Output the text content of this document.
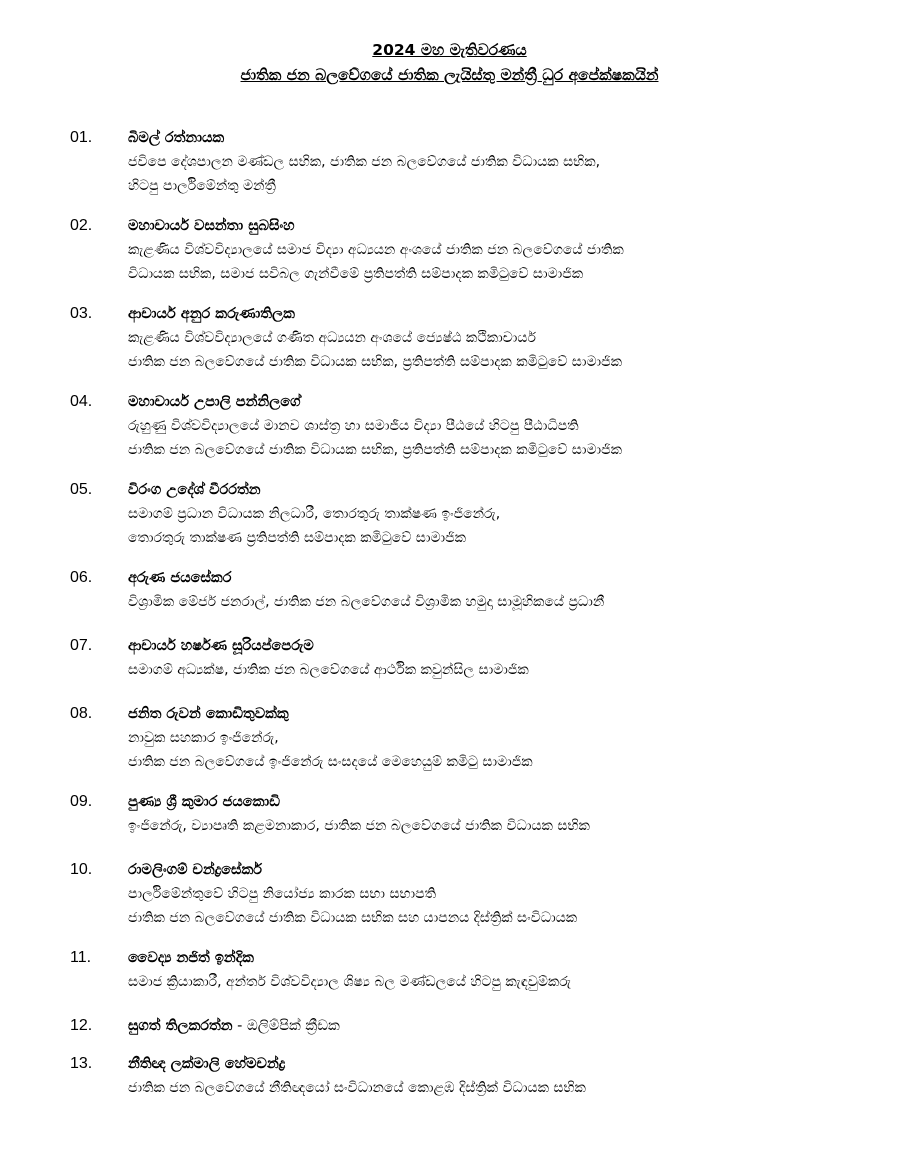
2024 මහ මැතිවරණය
ජාතික ජන බලවේගයේ ජාතික ලැයිස්තු මන්ත්‍රී ධුර අපේක්ෂකයින්
01. බිමල් රත්නායක
ජවිපෙ දේශපාලන මණ්ඩල සභික, ජාතික ජන බලවේගයේ ජාතික විධායක සභික,
හිටපු පාර්ලිමේන්තු මන්ත්‍රී
02. මහාචාර්ය වසන්තා සුබසිංහ
කැළණිය විශ්වවිද්‍යාලයේ සමාජ විද්‍යා අධ්‍යයන අංශයේ ජාතික ජන බලවේගයේ ජාතික
විධායක සභික, සමාජ සවිබල ගැන්වීමේ ප්‍රතිපත්ති සම්පාදක කමිටුවේ සාමාජික
03. ආචාර්ය අනුර කරුණාතිලක
කැළණිය විශ්වවිද්‍යාලයේ ගණිත අධ්‍යයන අංශයේ ජ්‍යෙෂ්ඨ කථිකාචාර්ය
ජාතික ජන බලවේගයේ ජාතික විධායක සභික, ප්‍රතිපත්ති සම්පාදක කමිටුවේ සාමාජික
04. මහාචාර්ය උපාලි පන්නිලගේ
රුහුණු විශ්වවිද්‍යාලයේ මානව ශාස්ත්‍ර හා සමාජීය විද්‍යා පීඨයේ හිටපු පීඨාධිපති
ජාතික ජන බලවේගයේ ජාතික විධායක සභික, ප්‍රතිපත්ති සම්පාදක කමිටුවේ සාමාජික
05. විරංග උදේශ් වීරරත්න
සමාගම් ප්‍රධාන විධායක නිලධාරී, තොරතුරු තාක්ෂණ ඉංජිනේරු,
තොරතුරු තාක්ෂණ ප්‍රතිපත්ති සම්පාදක කමිටුවේ සාමාජික
06. අරුණ ජයසේකර
විශ්‍රාමික මේජර් ජනරාල්, ජාතික ජන බලවේගයේ විශ්‍රාමික හමුදා සාමූහිකයේ ප්‍රධානී
07. ආචාර්ය හර්ෂණ සූරියප්පෙරුම
සමාගම් අධ්‍යක්ෂ, ජාතික ජන බලවේගයේ ආර්ථික කවුන්සිල සාමාජික
08. ජනිත රුවන් කොඩිතුවක්කු
නාවුක සහකාර ඉංජිනේරු,
ජාතික ජන බලවේගයේ ඉංජිනේරු සංසදයේ මෙහෙයුම් කමිටු සාමාජික
09. පුණ්‍ය ශ්‍රී කුමාර ජයකොඩි
ඉංජිනේරු, ව්‍යාපෘති කළමනාකාර, ජාතික ජන බලවේගයේ ජාතික විධායක සභික
10. රාමලිංගම් චන්ද්‍රසේකර්
පාර්ලිමේන්තුවේ හිටපු නියෝජ්‍ය කාරක සභා සභාපති
ජාතික ජන බලවේගයේ ජාතික විධායක සභික සහ යාපනය දිස්ත්‍රික් සංවිධායක
11.	වෛද්‍ය නජිත් ඉන්දික
සමාජ ක්‍රියාකාරී, අන්තර් විශ්වවිද්‍යාල ශිෂ්‍ය බල මණ්ඩලයේ හිටපු කැඳවුම්කරු
12. සුගත් තිලකරත්න - ඔලිම්පික් ක්‍රීඩක
13. නීතිඥ ලක්මාලි හේමචන්ද්‍ර
ජාතික ජන බලවේගයේ නීතිඥයෝ සංවිධානයේ කොළඹ දිස්ත්‍රික් විධායක සභික
